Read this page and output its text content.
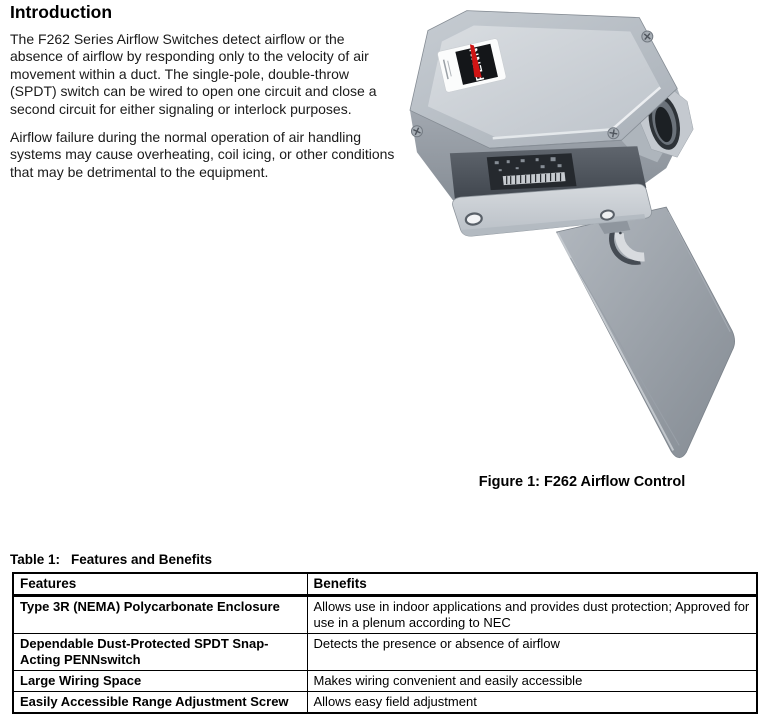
Introduction

The F262 Series Airflow Switches detect airflow or the absence of airflow by responding only to the velocity of air movement within a duct. The single-pole, double-throw (SPDT) switch can be wired to open one circuit and close a second circuit for either signaling or interlock purposes.

Airflow failure during the normal operation of air handling systems may cause overheating, coil icing, or other conditions that may be detrimental to the equipment.

Figure 1: F262 Airflow Control
Table 1: Features and Benefits
Features	Benefits
Type 3R (NEMA) Polycarbonate Enclosure	Allows use in indoor applications and provides dust protection; Approved for use in a plenum according to NEC
Dependable Dust-Protected SPDT Snap-Acting PENNswitch	Detects the presence or absence of airflow
Large Wiring Space	Makes wiring convenient and easily accessible
Easily Accessible Range Adjustment Screw	Allows easy field adjustment
